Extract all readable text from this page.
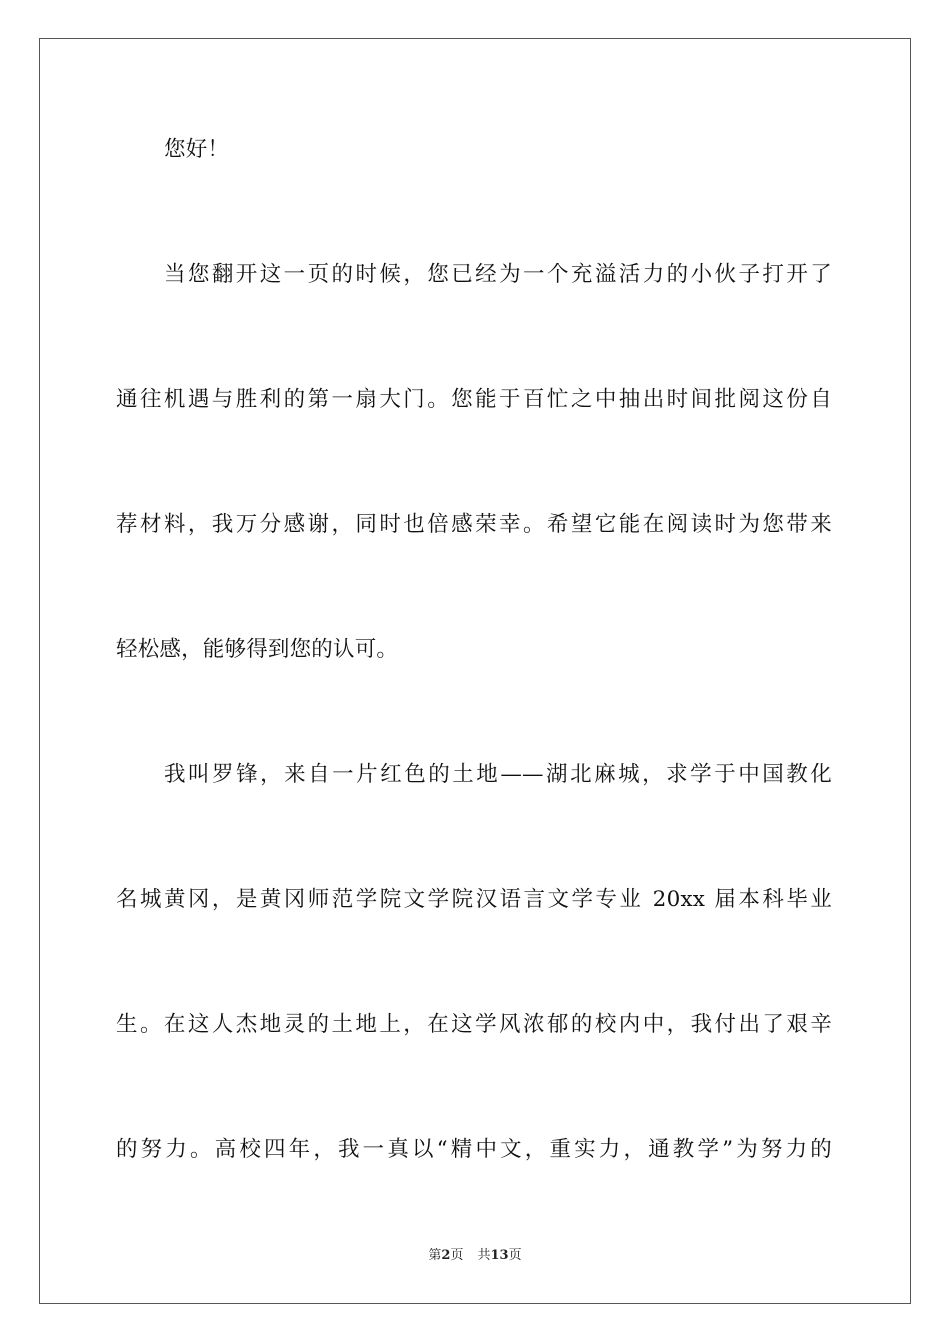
您好！
当您翻开这一页的时候，您已经为一个充溢活力的小伙子打开了
通往机遇与胜利的第一扇大门。您能于百忙之中抽出时间批阅这份自
荐材料，我万分感谢，同时也倍感荣幸。希望它能在阅读时为您带来
轻松感，能够得到您的认可。
我叫罗锋，来自一片红色的土地——湖北麻城，求学于中国教化
名城黄冈，是黄冈师范学院文学院汉语言文学专业 20xx 届本科毕业
生。在这人杰地灵的土地上，在这学风浓郁的校内中，我付出了艰辛
的努力。高校四年，我一真以“精中文，重实力，通教学”为努力的
第2页 共13页
